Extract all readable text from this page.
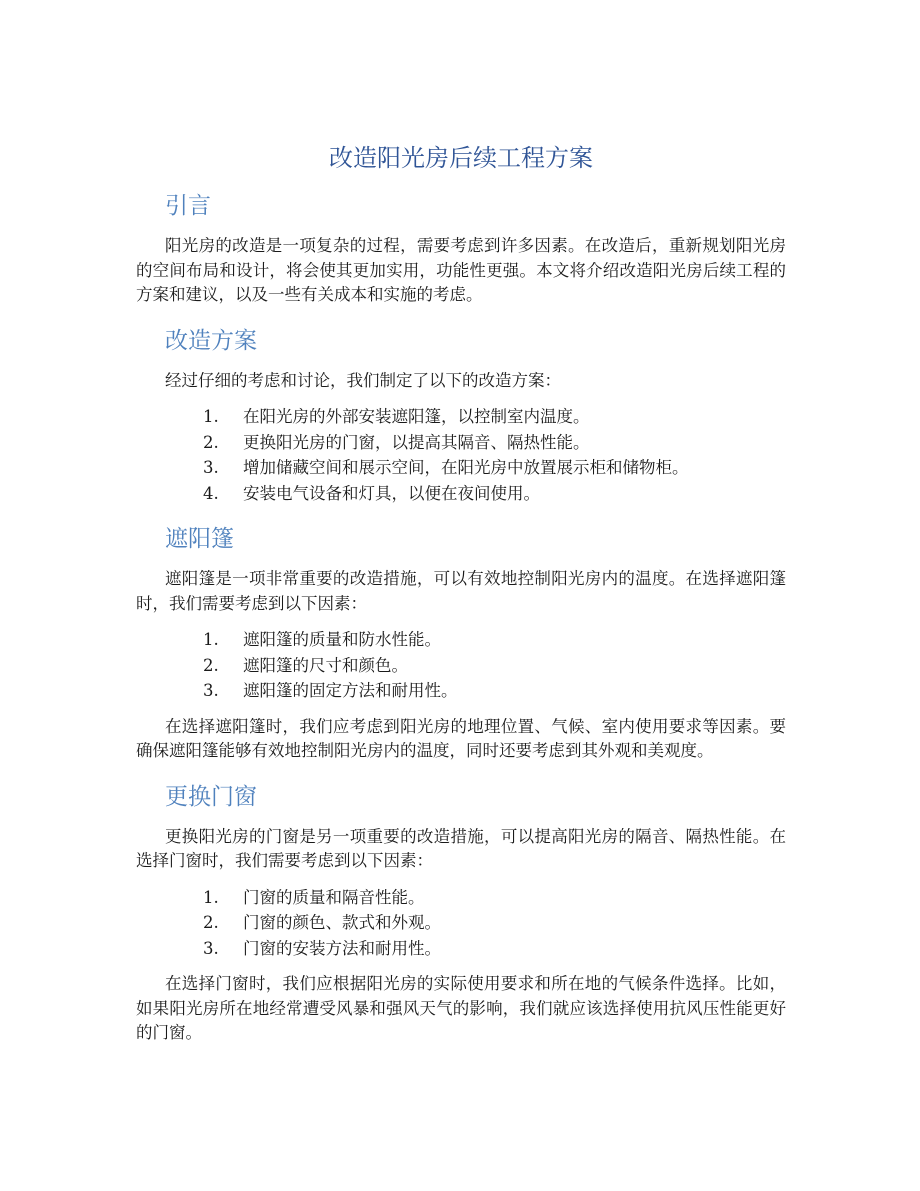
改造阳光房后续工程方案
引言

阳光房的改造是一项复杂的过程，需要考虑到许多因素。在改造后，重新规划阳光房的空间布局和设计，将会使其更加实用，功能性更强。本文将介绍改造阳光房后续工程的方案和建议，以及一些有关成本和实施的考虑。

改造方案

经过仔细的考虑和讨论，我们制定了以下的改造方案：

1. 在阳光房的外部安装遮阳篷，以控制室内温度。
2. 更换阳光房的门窗，以提高其隔音、隔热性能。
3. 增加储藏空间和展示空间，在阳光房中放置展示柜和储物柜。
4. 安装电气设备和灯具，以便在夜间使用。
遮阳篷

遮阳篷是一项非常重要的改造措施，可以有效地控制阳光房内的温度。在选择遮阳篷时，我们需要考虑到以下因素：

1. 遮阳篷的质量和防水性能。
2. 遮阳篷的尺寸和颜色。
3. 遮阳篷的固定方法和耐用性。

在选择遮阳篷时，我们应考虑到阳光房的地理位置、气候、室内使用要求等因素。要确保遮阳篷能够有效地控制阳光房内的温度，同时还要考虑到其外观和美观度。

更换门窗

更换阳光房的门窗是另一项重要的改造措施，可以提高阳光房的隔音、隔热性能。在选择门窗时，我们需要考虑到以下因素：

1. 门窗的质量和隔音性能。
2. 门窗的颜色、款式和外观。
3. 门窗的安装方法和耐用性。

在选择门窗时，我们应根据阳光房的实际使用要求和所在地的气候条件选择。比如，如果阳光房所在地经常遭受风暴和强风天气的影响，我们就应该选择使用抗风压性能更好的门窗。
